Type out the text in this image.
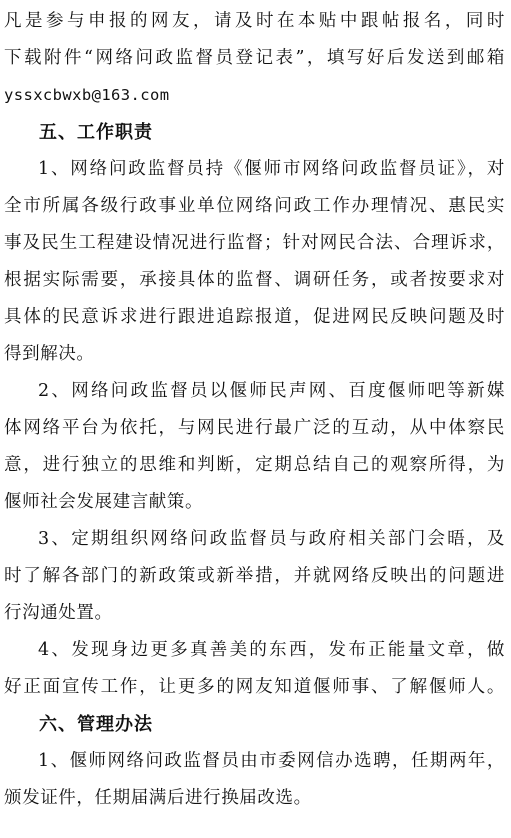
凡是参与申报的网友，请及时在本贴中跟帖报名，同时
下载附件“网络问政监督员登记表”，填写好后发送到邮箱
yssxcbwxb@163.com
五、工作职责
1、网络问政监督员持《偃师市网络问政监督员证》，对
全市所属各级行政事业单位网络问政工作办理情况、惠民实
事及民生工程建设情况进行监督；针对网民合法、合理诉求，
根据实际需要，承接具体的监督、调研任务，或者按要求对
具体的民意诉求进行跟进追踪报道，促进网民反映问题及时
得到解决。
2、网络问政监督员以偃师民声网、百度偃师吧等新媒
体网络平台为依托，与网民进行最广泛的互动，从中体察民
意，进行独立的思维和判断，定期总结自己的观察所得，为
偃师社会发展建言献策。
3、定期组织网络问政监督员与政府相关部门会晤，及
时了解各部门的新政策或新举措，并就网络反映出的问题进
行沟通处置。
4、发现身边更多真善美的东西，发布正能量文章，做
好正面宣传工作，让更多的网友知道偃师事、了解偃师人。
六、管理办法
1、偃师网络问政监督员由市委网信办选聘，任期两年，
颁发证件，任期届满后进行换届改选。
